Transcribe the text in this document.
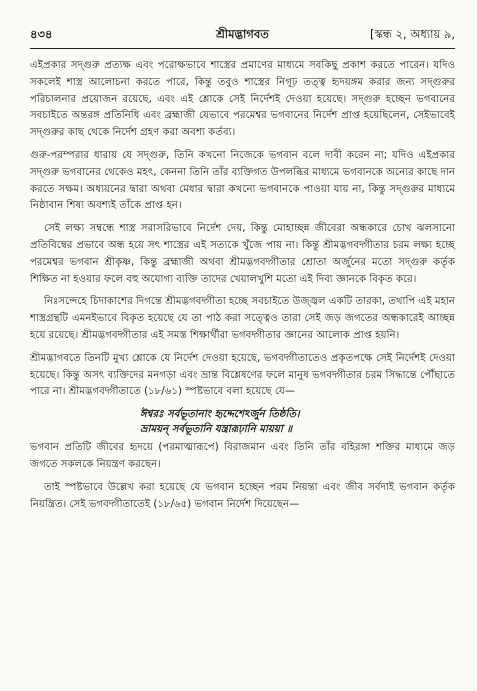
৪৩৪	শ্রীমদ্ভাগবত	[স্কন্ধ ২, অধ্যায় ৯,

এইপ্রকার সদ্‌গুরু প্রত্যক্ষ এবং পরোক্ষভাবে শাস্ত্রের প্রমাণের মাধ্যমে সবকিছু প্রকাশ করতে পারেন। যদিও সকলেই শাস্ত্র আলোচনা করতে পারে, কিন্তু তবুও শাস্ত্রের নিগূঢ় তত্ত্ব হৃদয়ঙ্গম করার জন্য সদ্‌গুরুর পরিচালনার প্রয়োজন রয়েছে, এবং এই শ্লোকে সেই নির্দেশই দেওয়া হয়েছে। সদ্‌গুরু হচ্ছেন ভগবানের সবচাইতে অন্তরঙ্গ প্রতিনিধি এবং ব্রহ্মাজী যেভাবে পরমেশ্বর ভগবানের নির্দেশ প্রাপ্ত হয়েছিলেন, সেইভাবেই সদ্‌গুরুর কাছ থেকে নির্দেশ গ্রহণ করা অবশ্য কর্তব্য।

গুরু-পরম্পরার ধারায় যে সদ্‌গুরু, তিনি কখনো নিজেকে ভগবান বলে দাবী করেন না; যদিও এইপ্রকার সদ্‌গুরু ভগবানের থেকেও মহৎ, কেননা তিনি তাঁর ব্যক্তিগত উপলব্ধির মাধ্যমে ভগবানকে অন্যের কাছে দান করতে সক্ষম। অধ্যয়নের দ্বারা অথবা মেধার দ্বারা কখনো ভগবানকে পাওয়া যায় না, কিন্তু সদ্‌গুরুর মাধ্যমে নিষ্ঠাবান শিষ্য অবশ্যই তাঁকে প্রাপ্ত হন।

সেই লক্ষ্য সম্বন্ধে শাস্ত্র সরাসরিভাবে নির্দেশ দেয়, কিন্তু মোহাচ্ছন্ন জীবেরা অন্ধকারে চোখ ঝলসানো প্রতিবিম্বের প্রভাবে অন্ধ হয়ে সৎ শাস্ত্রের এই সত্যকে খুঁজে পায় না। কিন্তু শ্রীমদ্ভগবদ্গীতার চরম লক্ষ্য হচ্ছে পরমেশ্বর ভগবান শ্রীকৃষ্ণ, কিন্তু ব্রহ্মাজী অথবা শ্রীমদ্ভগবদ্গীতার শ্রোতা অর্জুনের মতো সদ্গুরু কর্তৃক শিক্ষিত না হওয়ার ফলে বহু অযোগ্য ব্যক্তি তাদের খেয়ালখুশি মতো এই দিব্য জ্ঞানকে বিকৃত করে।

নিঃসন্দেহে চিদাকাশের দিগন্তে শ্রীমদ্ভগবদ্গীতা হচ্ছে সবচাইতে উজ্জ্বল একটি তারকা, তথাপি এই মহান শাস্ত্রগ্রন্থটি এমনইভাবে বিকৃত হয়েছে যে তা পাঠ করা সত্ত্বেও তারা সেই জড় জগতের অন্ধকারেই আচ্ছন্ন হয়ে রয়েছে। শ্রীমদ্ভগবদ্গীতার এই সমস্ত শিক্ষার্থীরা ভগবদ্গীতার জ্ঞানের আলোক প্রাপ্ত হয়নি।

শ্রীমদ্ভাগবতে তিনটি মুখ্য শ্লোকে যে নির্দেশ দেওয়া হয়েছে, ভগবদ্গীতাতেও প্রকৃতপক্ষে সেই নির্দেশই দেওয়া হয়েছে। কিন্তু অসৎ ব্যক্তিদের মনগড়া এবং ভ্রান্ত বিশ্লেষণের ফলে মানুষ ভগবদ্গীতার চরম সিদ্ধান্তে পৌঁছাতে পারে না। শ্রীমদ্ভগবদ্গীতাতে (১৮/৬১) স্পষ্টভাবে বলা হয়েছে যে—

ঈশ্বরঃ সর্বভূতানাং হৃদ্দেশেঽর্জুন তিষ্ঠতি।
ভ্রাময়ন্ সর্বভূতানি যন্ত্রারূঢ়ানি মায়য়া ॥

ভগবান প্রতিটি জীবের হৃদয়ে (পরমাত্মারূপে) বিরাজমান এবং তিনি তাঁর বহিরঙ্গা শক্তির মাধ্যমে জড় জগতে সকলকে নিয়ন্ত্রণ করছেন।

তাই স্পষ্টভাবে উল্লেখ করা হয়েছে যে ভগবান হচ্ছেন পরম নিয়ন্তা এবং জীব সর্বদাই ভগবান কর্তৃক নিয়ন্ত্রিত। সেই ভগবদ্গীতাতেই (১৮/৬৫) ভগবান নির্দেশ দিয়েছেন—
